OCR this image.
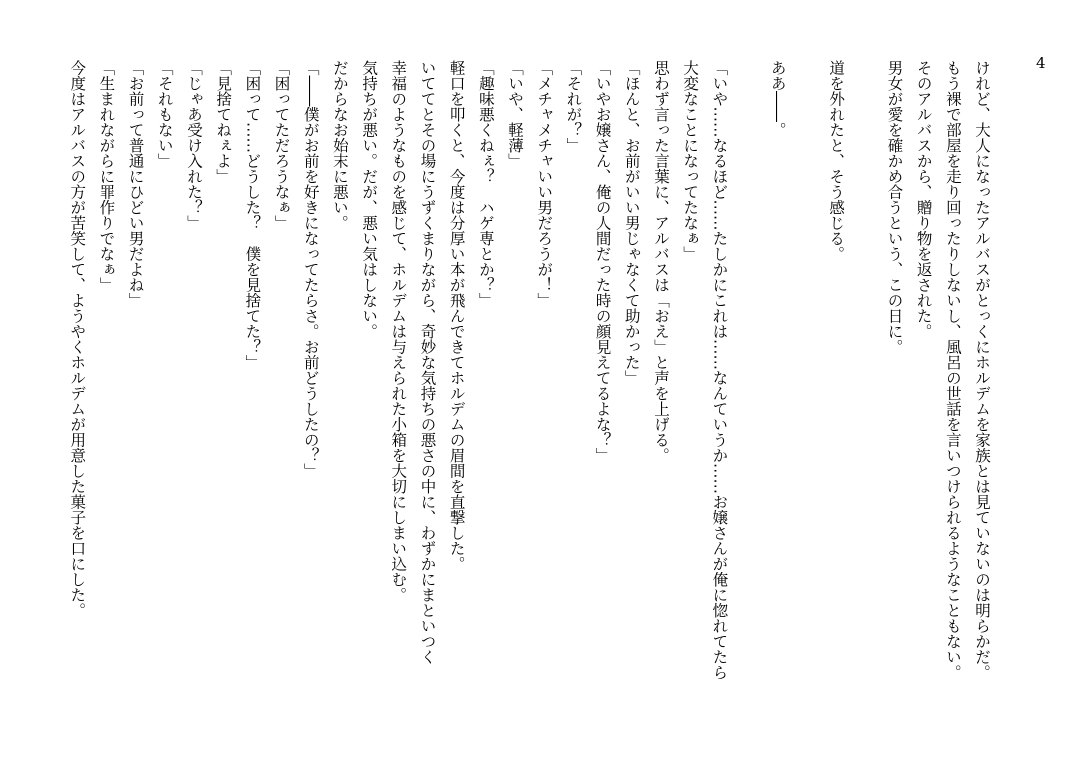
4
けれど、大人になったアルバスがとっくにホルデムを家族とは見ていないのは明らかだ。
もう裸で部屋を走り回ったりしないし、風呂の世話を言いつけられるようなこともない。
そのアルバスから、贈り物を返された。
男女が愛を確かめ合うという、この日に。
道を外れたと、そう感じる。
ああ――。
「いや……なるほど……たしかにこれは……なんていうか……お嬢さんが俺に惚れてたら
大変なことになってたなぁ」
思わず言った言葉に、アルバスは「おえ」と声を上げる。
「ほんと、お前がいい男じゃなくて助かった」
「いやお嬢さん、俺の人間だった時の顔見えてるよな？」
「それが？」
「メチャメチャいい男だろうが！」
「いや、軽薄」
「趣味悪くねぇ？　ハゲ専とか？」
軽口を叩くと、今度は分厚い本が飛んできてホルデムの眉間を直撃した。
いててとその場にうずくまりながら、奇妙な気持ちの悪さの中に、わずかにまといつく
幸福のようなものを感じて、ホルデムは与えられた小箱を大切にしまい込む。
気持ちが悪い。だが、悪い気はしない。
だからなお始末に悪い。
「――僕がお前を好きになってたらさ。お前どうしたの？」
「困ってただろうなぁ」
「困って……どうした？　僕を見捨てた？」
「見捨てねぇよ」
「じゃあ受け入れた？」
「それもない」
「お前って普通にひどい男だよね」
「生まれながらに罪作りでなぁ」
今度はアルバスの方が苦笑して、ようやくホルデムが用意した菓子を口にした。
